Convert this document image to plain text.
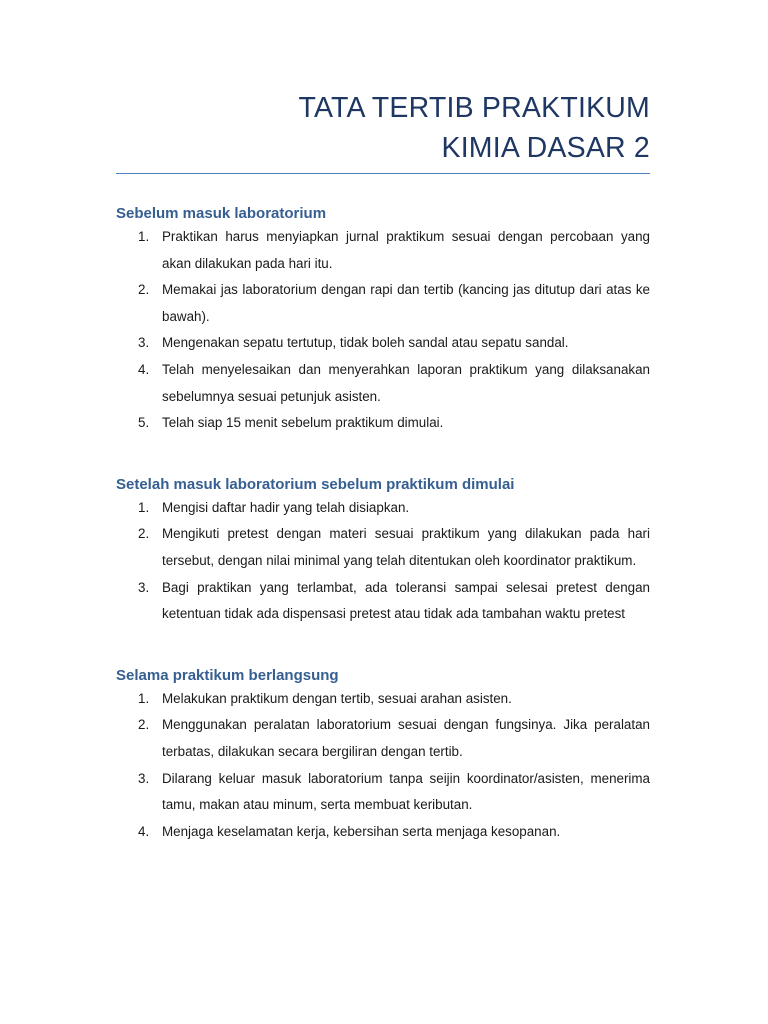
TATA TERTIB PRAKTIKUM
KIMIA DASAR 2
Sebelum masuk laboratorium
1. Praktikan harus menyiapkan jurnal praktikum sesuai dengan percobaan yang akan dilakukan pada hari itu.
2. Memakai jas laboratorium dengan rapi dan tertib (kancing jas ditutup dari atas ke bawah).
3. Mengenakan sepatu tertutup, tidak boleh sandal atau sepatu sandal.
4. Telah menyelesaikan dan menyerahkan laporan praktikum yang dilaksanakan sebelumnya sesuai petunjuk asisten.
5. Telah siap 15 menit sebelum praktikum dimulai.
Setelah masuk laboratorium sebelum praktikum dimulai
1. Mengisi daftar hadir yang telah disiapkan.
2. Mengikuti pretest dengan materi sesuai praktikum yang dilakukan pada hari tersebut, dengan nilai minimal yang telah ditentukan oleh koordinator praktikum.
3. Bagi praktikan yang terlambat, ada toleransi sampai selesai pretest dengan ketentuan tidak ada dispensasi pretest atau tidak ada tambahan waktu pretest
Selama praktikum berlangsung
1. Melakukan praktikum dengan tertib, sesuai arahan asisten.
2. Menggunakan peralatan laboratorium sesuai dengan fungsinya. Jika peralatan terbatas, dilakukan secara bergiliran dengan tertib.
3. Dilarang keluar masuk laboratorium tanpa seijin koordinator/asisten, menerima tamu, makan atau minum, serta membuat keributan.
4. Menjaga keselamatan kerja, kebersihan serta menjaga kesopanan.
